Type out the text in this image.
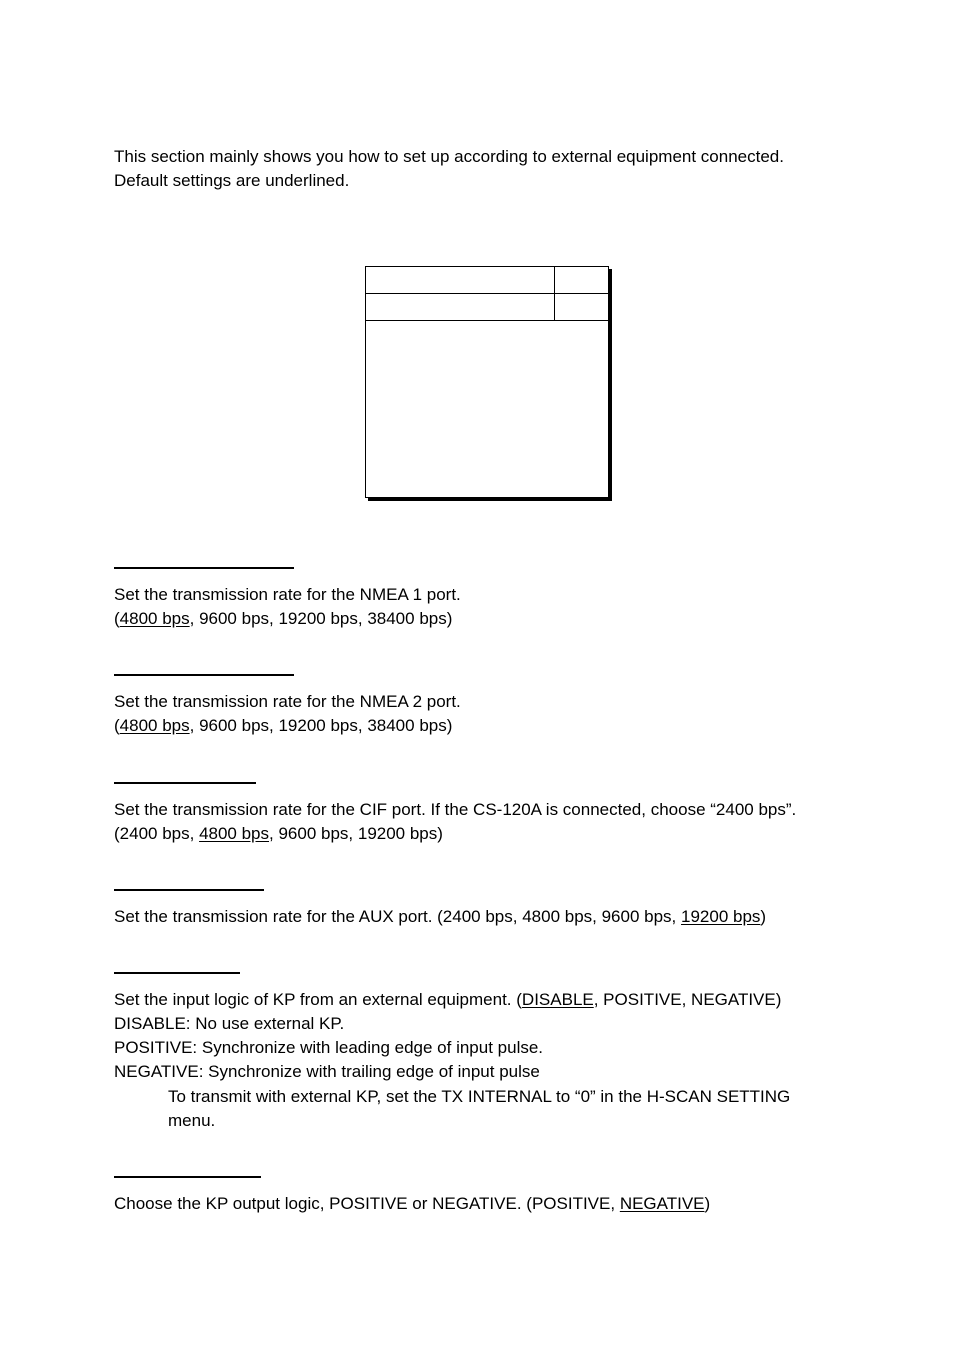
This section mainly shows you how to set up according to external equipment connected.
Default settings are underlined.
Set the transmission rate for the NMEA 1 port.
(4800 bps, 9600 bps, 19200 bps, 38400 bps)
Set the transmission rate for the NMEA 2 port.
(4800 bps, 9600 bps, 19200 bps, 38400 bps)
Set the transmission rate for the CIF port. If the CS-120A is connected, choose “2400 bps”.
(2400 bps, 4800 bps, 9600 bps, 19200 bps)
Set the transmission rate for the AUX port. (2400 bps, 4800 bps, 9600 bps, 19200 bps)
Set the input logic of KP from an external equipment. (DISABLE, POSITIVE, NEGATIVE)
DISABLE: No use external KP.
POSITIVE: Synchronize with leading edge of input pulse.
NEGATIVE: Synchronize with trailing edge of input pulse
To transmit with external KP, set the TX INTERNAL to “0” in the H-SCAN SETTING
menu.
Choose the KP output logic, POSITIVE or NEGATIVE. (POSITIVE, NEGATIVE)
